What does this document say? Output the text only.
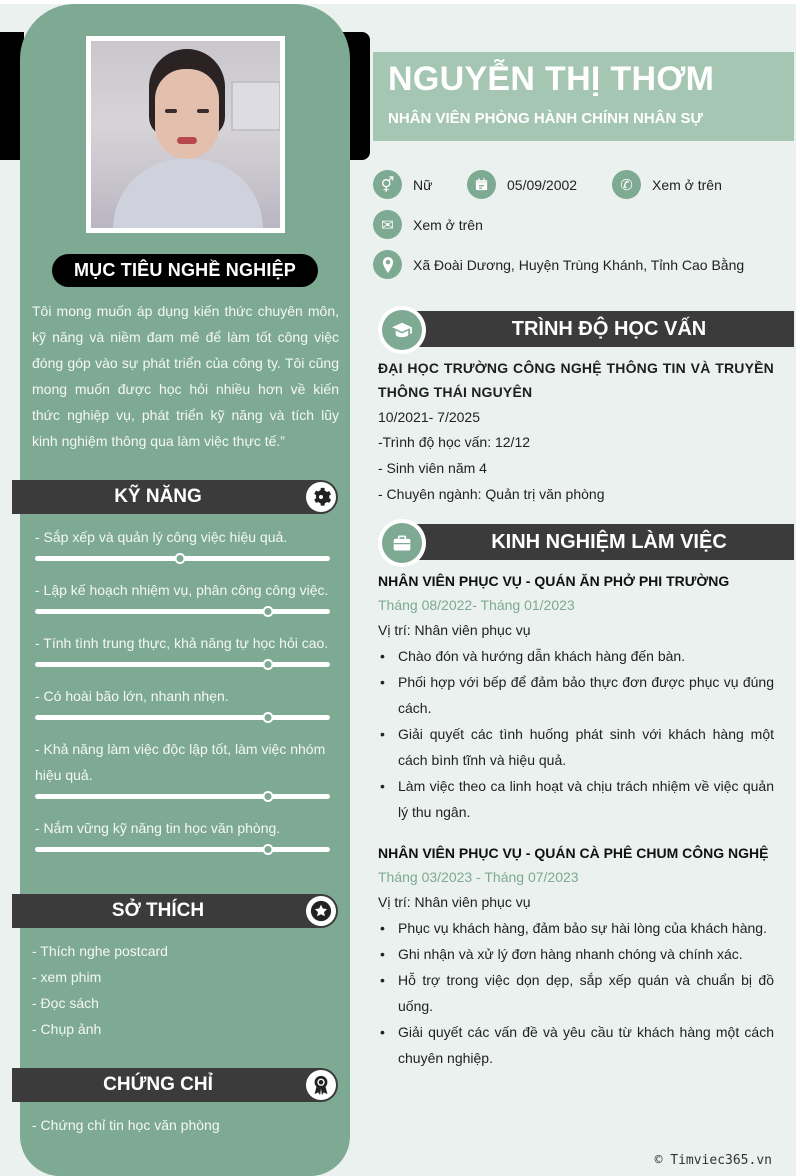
MỤC TIÊU NGHỀ NGHIỆP
Tôi mong muốn áp dụng kiến thức chuyên môn, kỹ năng và niềm đam mê để làm tốt công việc đóng góp vào sự phát triển của công ty. Tôi cũng mong muốn được học hỏi nhiều hơn về kiến thức nghiệp vụ, phát triển kỹ năng và tích lũy kinh nghiệm thông qua làm việc thực tế.”
KỸ NĂNG
- Sắp xếp và quản lý công việc hiệu quả.
- Lập kế hoạch nhiệm vụ, phân công công việc.
- Tính tình trung thực, khả năng tự học hỏi cao.
- Có hoài bão lớn, nhanh nhẹn.
- Khả năng làm việc độc lập tốt, làm việc nhóm hiệu quả.
- Nắm vững kỹ năng tin học văn phòng.
SỞ THÍCH
- Thích nghe postcard
- xem phim
- Đọc sách
- Chụp ảnh
CHỨNG CHỈ
- Chứng chỉ tin học văn phòng
NGUYỄN THỊ THƠM
NHÂN VIÊN PHÒNG HÀNH CHÍNH NHÂN SỰ
⚥	Nữ	05/09/2002	✆	Xem ở trên
✉	Xem ở trên
Xã Đoài Dương, Huyện Trùng Khánh, Tỉnh Cao Bằng
TRÌNH ĐỘ HỌC VẤN
ĐẠI HỌC TRƯỜNG CÔNG NGHỆ THÔNG TIN VÀ TRUYỀN THÔNG THÁI NGUYÊN
10/2021- 7/2025
-Trình độ học vấn: 12/12
- Sinh viên năm 4
- Chuyên ngành: Quản trị văn phòng
KINH NGHIỆM LÀM VIỆC
NHÂN VIÊN PHỤC VỤ - QUÁN ĂN PHỞ PHI TRƯỜNG
Tháng 08/2022- Tháng 01/2023
Vị trí: Nhân viên phục vụ
• Chào đón và hướng dẫn khách hàng đến bàn.
• Phối hợp với bếp để đảm bảo thực đơn được phục vụ đúng cách.
• Giải quyết các tình huống phát sinh với khách hàng một cách bình tĩnh và hiệu quả.
• Làm việc theo ca linh hoạt và chịu trách nhiệm về việc quản lý thu ngân.
NHÂN VIÊN PHỤC VỤ - QUÁN CÀ PHÊ CHUM CÔNG NGHỆ
Tháng 03/2023 - Tháng 07/2023
Vị trí: Nhân viên phục vụ
• Phục vụ khách hàng, đảm bảo sự hài lòng của khách hàng.
• Ghi nhận và xử lý đơn hàng nhanh chóng và chính xác.
• Hỗ trợ trong việc dọn dẹp, sắp xếp quán và chuẩn bị đồ uống.
• Giải quyết các vấn đề và yêu cầu từ khách hàng một cách chuyên nghiệp.
© Timviec365.vn
